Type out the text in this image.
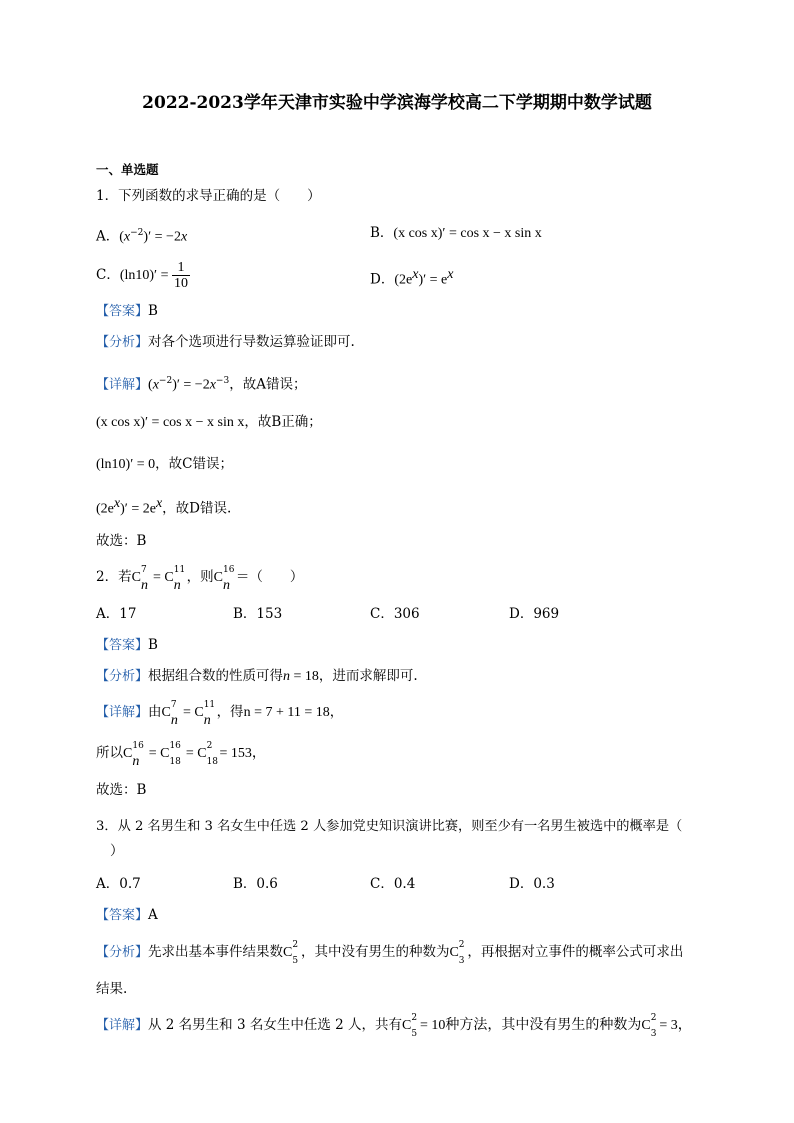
2022-2023学年天津市实验中学滨海学校高二下学期期中数学试题
一、单选题
1．下列函数的求导正确的是（　　）
A．$(x^{-2})' = -2x$	B．(x cos x)′ = cos x − x sin x
C．$(\ln 10)' = \frac{1}{10}$	D．$(2e^x)' = e^x$
【答案】B
【分析】对各个选项进行导数运算验证即可.
【详解】$(x^{-2})' = -2x^{-3}$，故A错误；
(x cos x)′ = cos x − x sin x，故B正确；
(ln10)′ = 0，故C错误；
$(2e^x)' = 2e^x$，故D错误.
故选：B
2．若C 7
n
= C 11
n
，则C 16
n
＝（　　）
A．17	B．153	C．306	D．969
【答案】B
【分析】根据组合数的性质可得n = 18，进而求解即可.
【详解】由C 7
n
= C 11
n
，得n = 7 + 11 = 18，
所以C 16
n
= C 16
18
= C 2
18
= 153，
故选：B
3．从 2 名男生和 3 名女生中任选 2 人参加党史知识演讲比赛，则至少有一名男生被选中的概率是（
）
A．0.7	B．0.6	C．0.4	D．0.3
【答案】A
【分析】先求出基本事件结果数C 2
5
，其中没有男生的种数为C 2
3
，再根据对立事件的概率公式可求出
结果.
【详解】从 2 名男生和 3 名女生中任选 2 人，共有C 2
5
= 10种方法，其中没有男生的种数为C 2
3
= 3，
